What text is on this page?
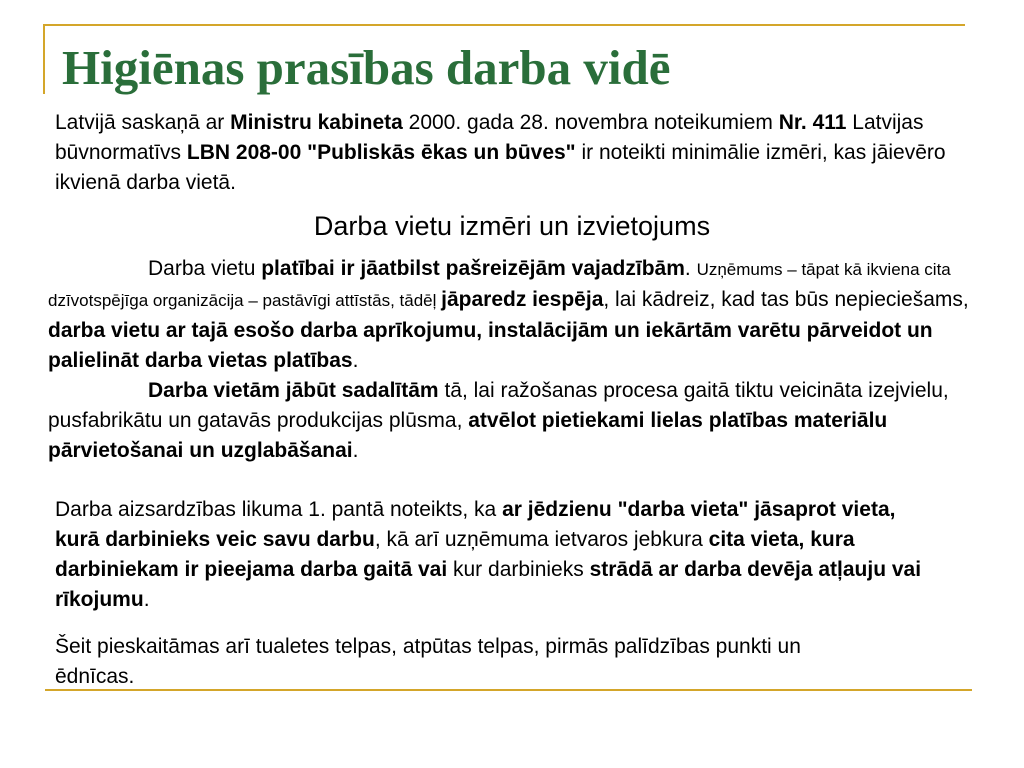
Higiēnas prasības darba vidē

Latvijā saskaņā ar Ministru kabineta 2000. gada 28. novembra noteikumiem Nr. 411 Latvijas būvnormatīvs LBN 208-00 "Publiskās ēkas un būves" ir noteikti minimālie izmēri, kas jāievēro ikvienā darba vietā.

Darba vietu izmēri un izvietojums

Darba vietu platībai ir jāatbilst pašreizējām vajadzībām. Uzņēmums – tāpat kā ikviena cita dzīvotspējīga organizācija – pastāvīgi attīstās, tādēļ jāparedz iespēja, lai kādreiz, kad tas būs nepieciešams, darba vietu ar tajā esošo darba aprīkojumu, instalācijām un iekārtām varētu pārveidot un palielināt darba vietas platības.

Darba vietām jābūt sadalītām tā, lai ražošanas procesa gaitā tiktu veicināta izejvielu, pusfabrikātu un gatavās produkcijas plūsma, atvēlot pietiekami lielas platības materiālu pārvietošanai un uzglabāšanai.

Darba aizsardzības likuma 1. pantā noteikts, ka ar jēdzienu "darba vieta" jāsaprot vieta, kurā darbinieks veic savu darbu, kā arī uzņēmuma ietvaros jebkura cita vieta, kura darbiniekam ir pieejama darba gaitā vai kur darbinieks strādā ar darba devēja atļauju vai rīkojumu.

Šeit pieskaitāmas arī tualetes telpas, atpūtas telpas, pirmās palīdzības punkti un ēdnīcas.
